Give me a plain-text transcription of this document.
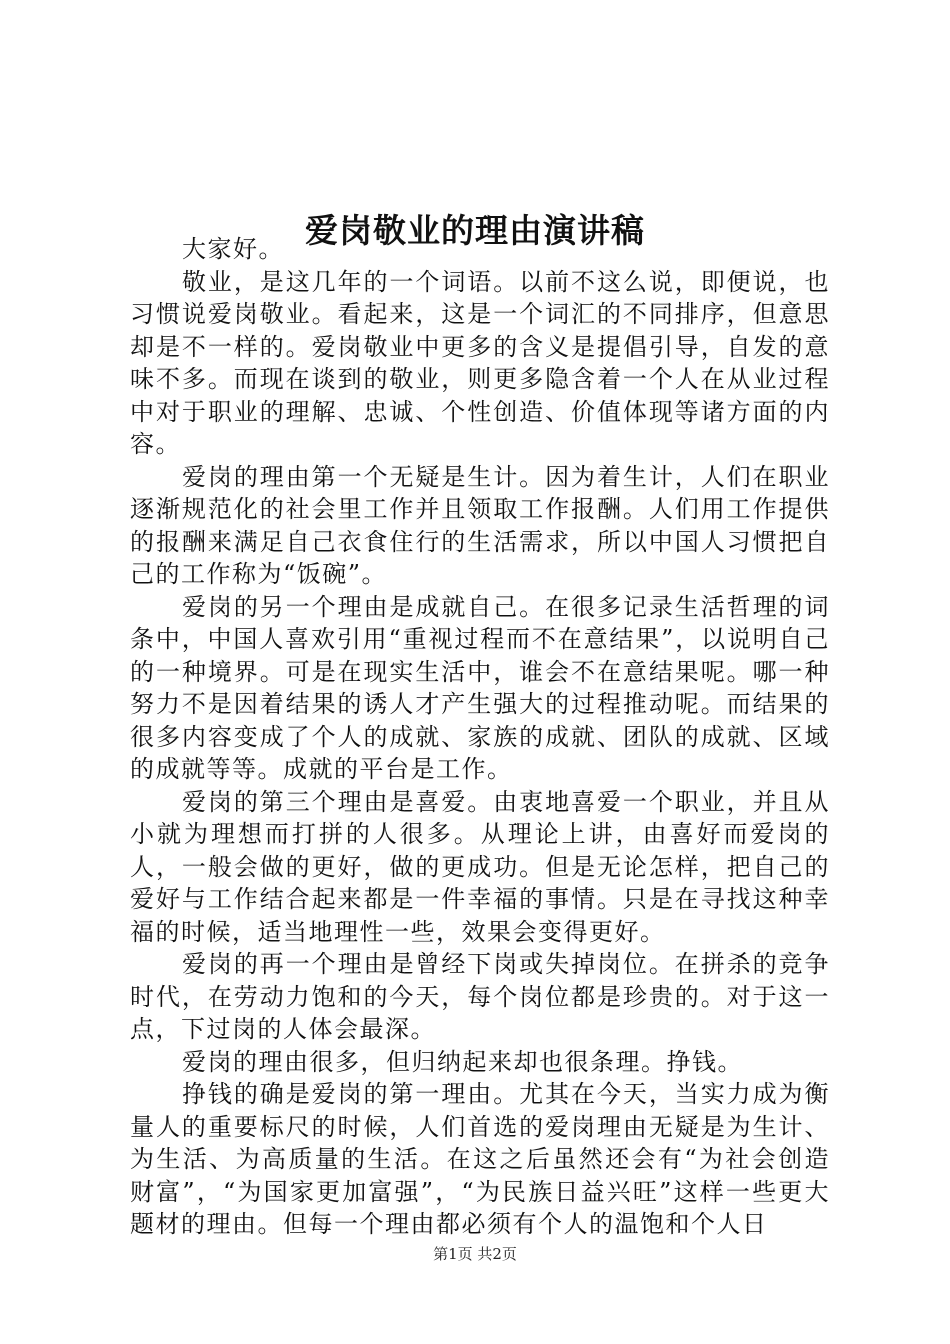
爱岗敬业的理由演讲稿

大家好。

敬业，是这几年的一个词语。以前不这么说，即便说，也习惯说爱岗敬业。看起来，这是一个词汇的不同排序，但意思却是不一样的。爱岗敬业中更多的含义是提倡引导，自发的意味不多。而现在谈到的敬业，则更多隐含着一个人在从业过程中对于职业的理解、忠诚、个性创造、价值体现等诸方面的内容。

爱岗的理由第一个无疑是生计。因为着生计，人们在职业逐渐规范化的社会里工作并且领取工作报酬。人们用工作提供的报酬来满足自己衣食住行的生活需求，所以中国人习惯把自己的工作称为“饭碗”。

爱岗的另一个理由是成就自己。在很多记录生活哲理的词条中，中国人喜欢引用“重视过程而不在意结果”，以说明自己的一种境界。可是在现实生活中，谁会不在意结果呢。哪一种努力不是因着结果的诱人才产生强大的过程推动呢。而结果的很多内容变成了个人的成就、家族的成就、团队的成就、区域的成就等等。成就的平台是工作。

爱岗的第三个理由是喜爱。由衷地喜爱一个职业，并且从小就为理想而打拼的人很多。从理论上讲，由喜好而爱岗的人，一般会做的更好，做的更成功。但是无论怎样，把自己的爱好与工作结合起来都是一件幸福的事情。只是在寻找这种幸福的时候，适当地理性一些，效果会变得更好。

爱岗的再一个理由是曾经下岗或失掉岗位。在拼杀的竞争时代，在劳动力饱和的今天，每个岗位都是珍贵的。对于这一点，下过岗的人体会最深。

爱岗的理由很多，但归纳起来却也很条理。挣钱。

挣钱的确是爱岗的第一理由。尤其在今天，当实力成为衡量人的重要标尺的时候，人们首选的爱岗理由无疑是为生计、为生活、为高质量的生活。在这之后虽然还会有“为社会创造财富”，“为国家更加富强”，“为民族日益兴旺”这样一些更大题材的理由。但每一个理由都必须有个人的温饱和个人日

第1页 共2页
